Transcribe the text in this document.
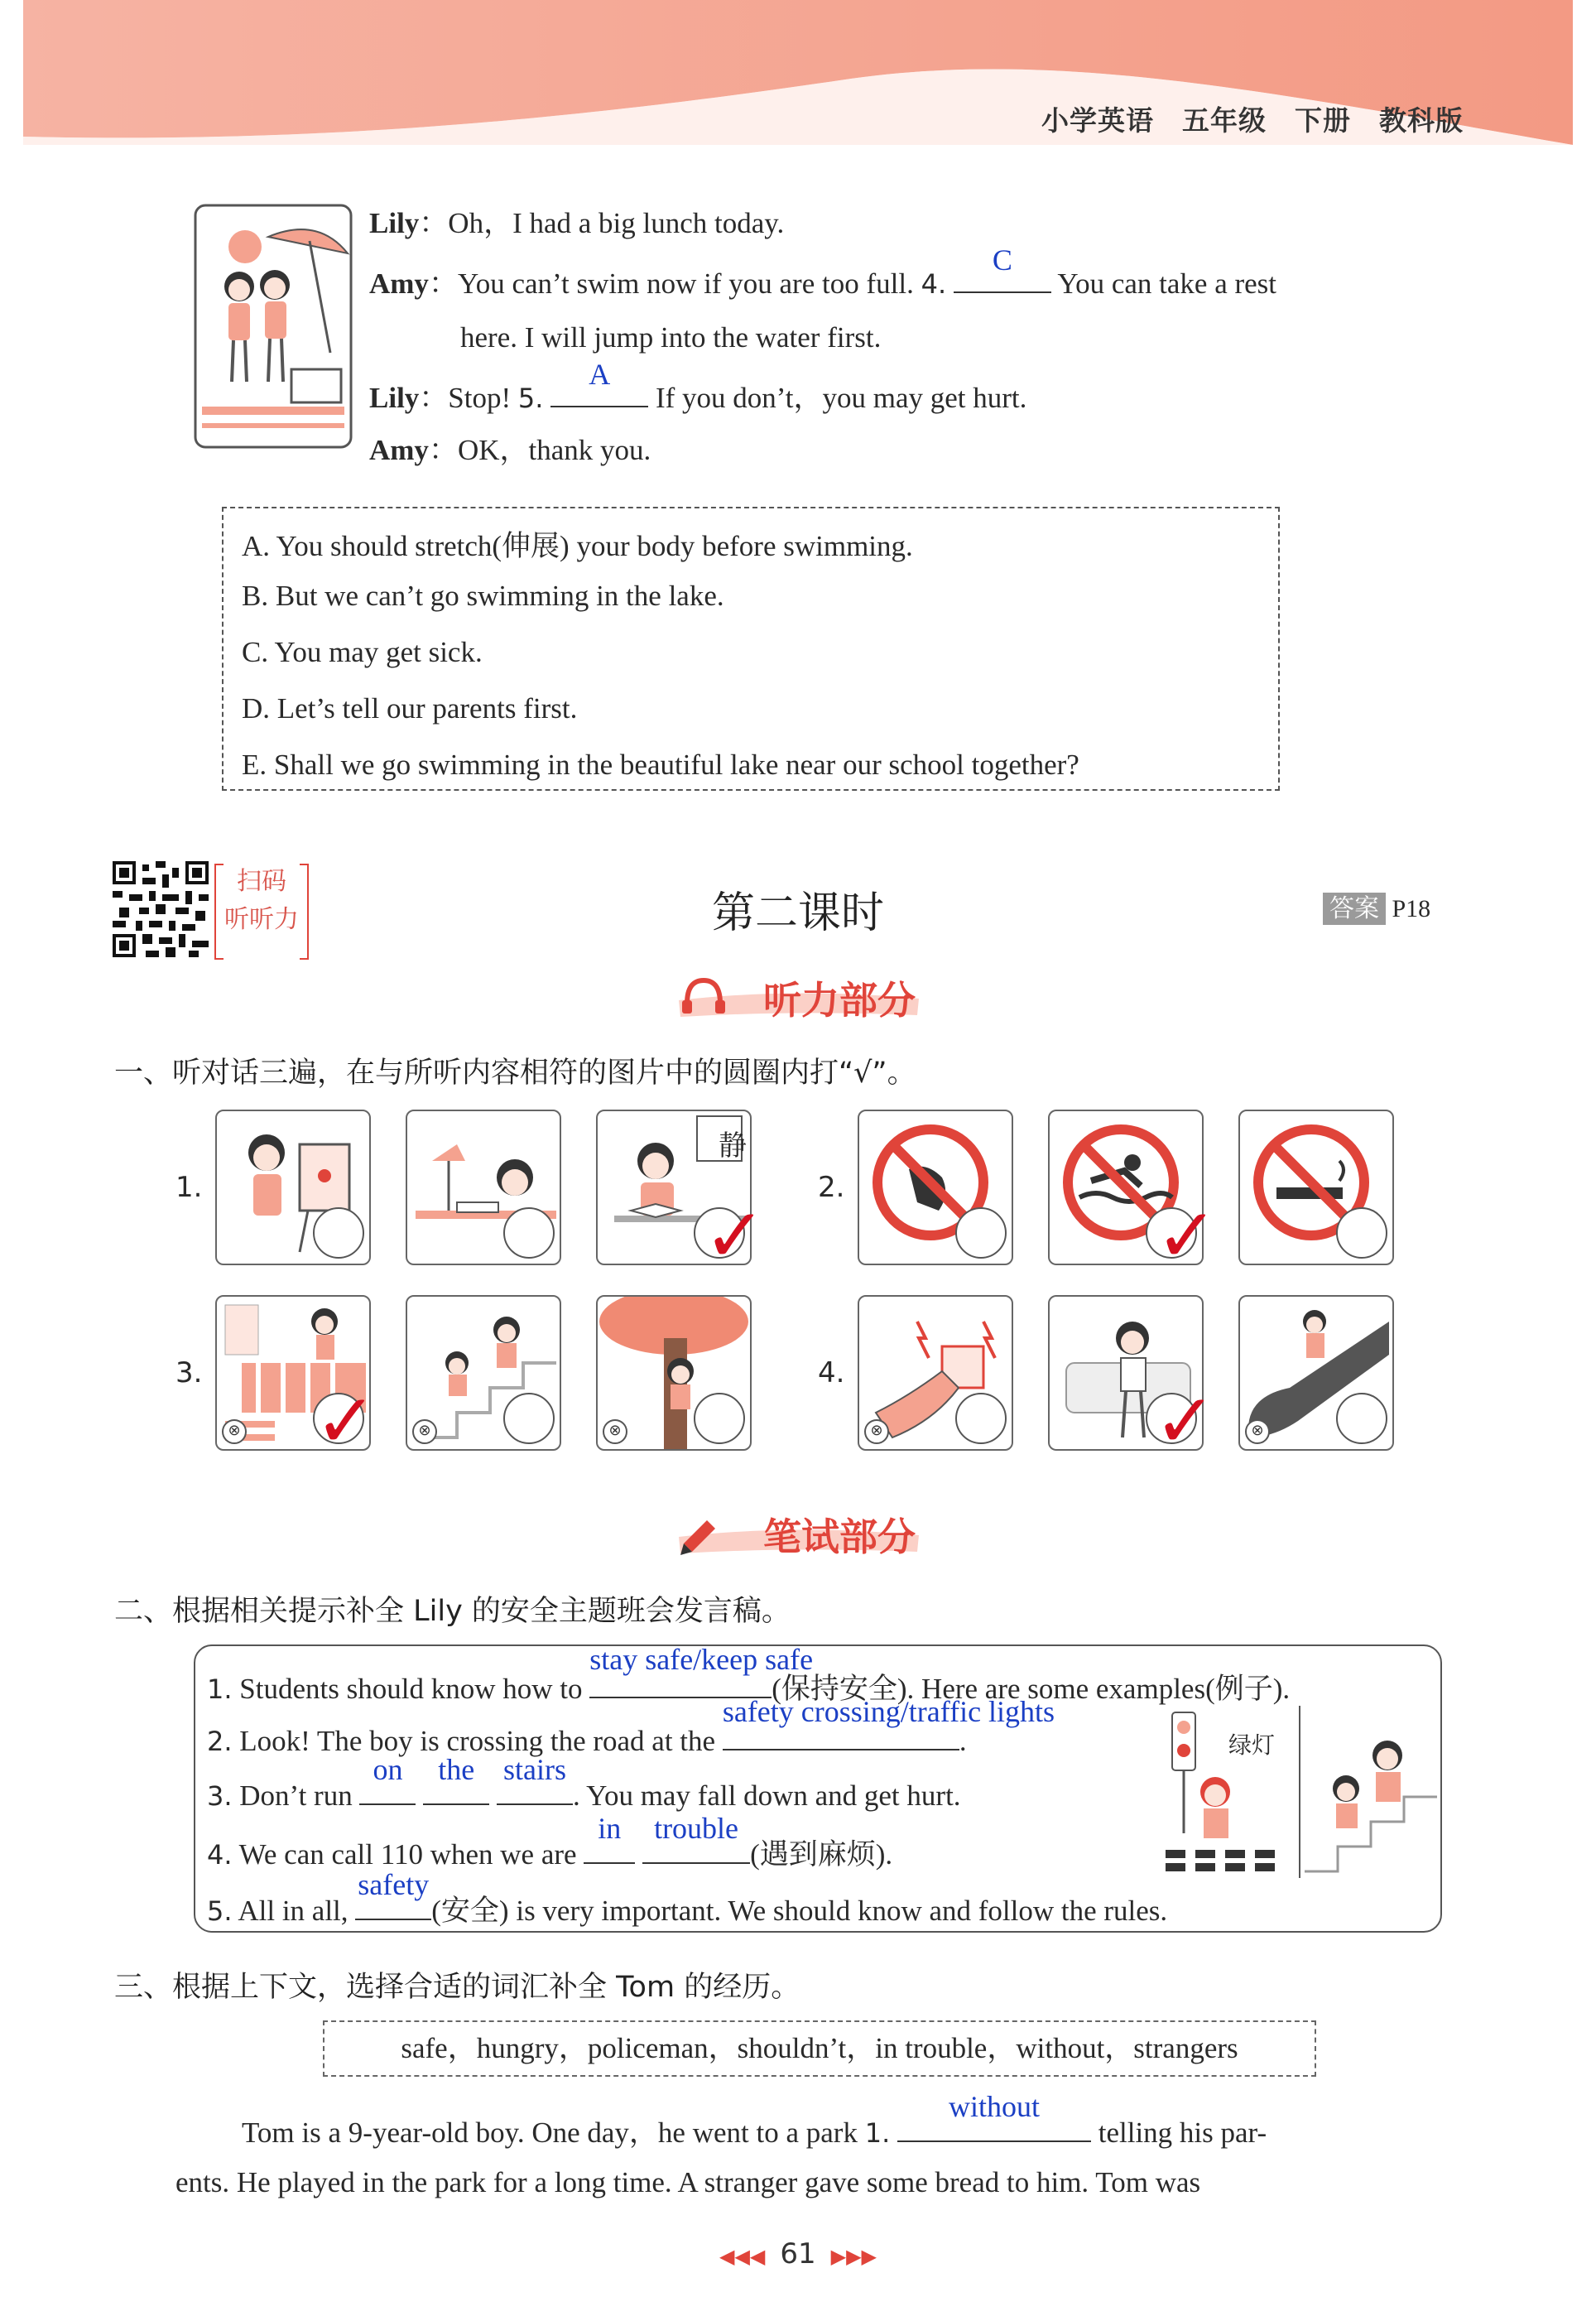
小学英语 五年级 下册 教科版
Lily：Oh，I had a big lunch today.
Amy：You can’t swim now if you are too full. 4.
C
You can take a rest
here. I will jump into the water first.
Lily：Stop! 5.
A
If you don’t，you may get hurt.
Amy：OK，thank you.
A. You should stretch(伸展) your body before swimming.
B. But we can’t go swimming in the lake.
C. You may get sick.
D. Let’s tell our parents first.
E. Shall we go swimming in the beautiful lake near our school together?
扫码
听听力	第二课时	答案 P18
听力部分
一、听对话三遍，在与所听内容相符的图片中的圆圈内打“√”。
1.	2.
3.	4.
静
✓	✓
⊗ ✓	⊗	⊗	⊗	✓	⊗
笔试部分
二、根据相关提示补全 Lily 的安全主题班会发言稿。
1. Students should know how to
stay safe/keep safe
(保持安全). Here are some examples(例子).
2. Look! The boy is crossing the road at the
safety crossing/traffic lights
.
3. Don’t run
on
	the
stairs
. You may fall down and get hurt.
4. We can call 110 when we are
in
	trouble
(遇到麻烦).
5. All in all,
safety
(安全) is very important. We should know and follow the rules.
绿灯
三、根据上下文，选择合适的词汇补全 Tom 的经历。
safe，hungry，policeman，shouldn’t，in trouble，without，strangers
Tom is a 9-year-old boy. One day，he went to a park 1.
without
telling his par-
ents. He played in the park for a long time. A stranger gave some bread to him. Tom was
◀◀◀ 61 ▶▶▶
